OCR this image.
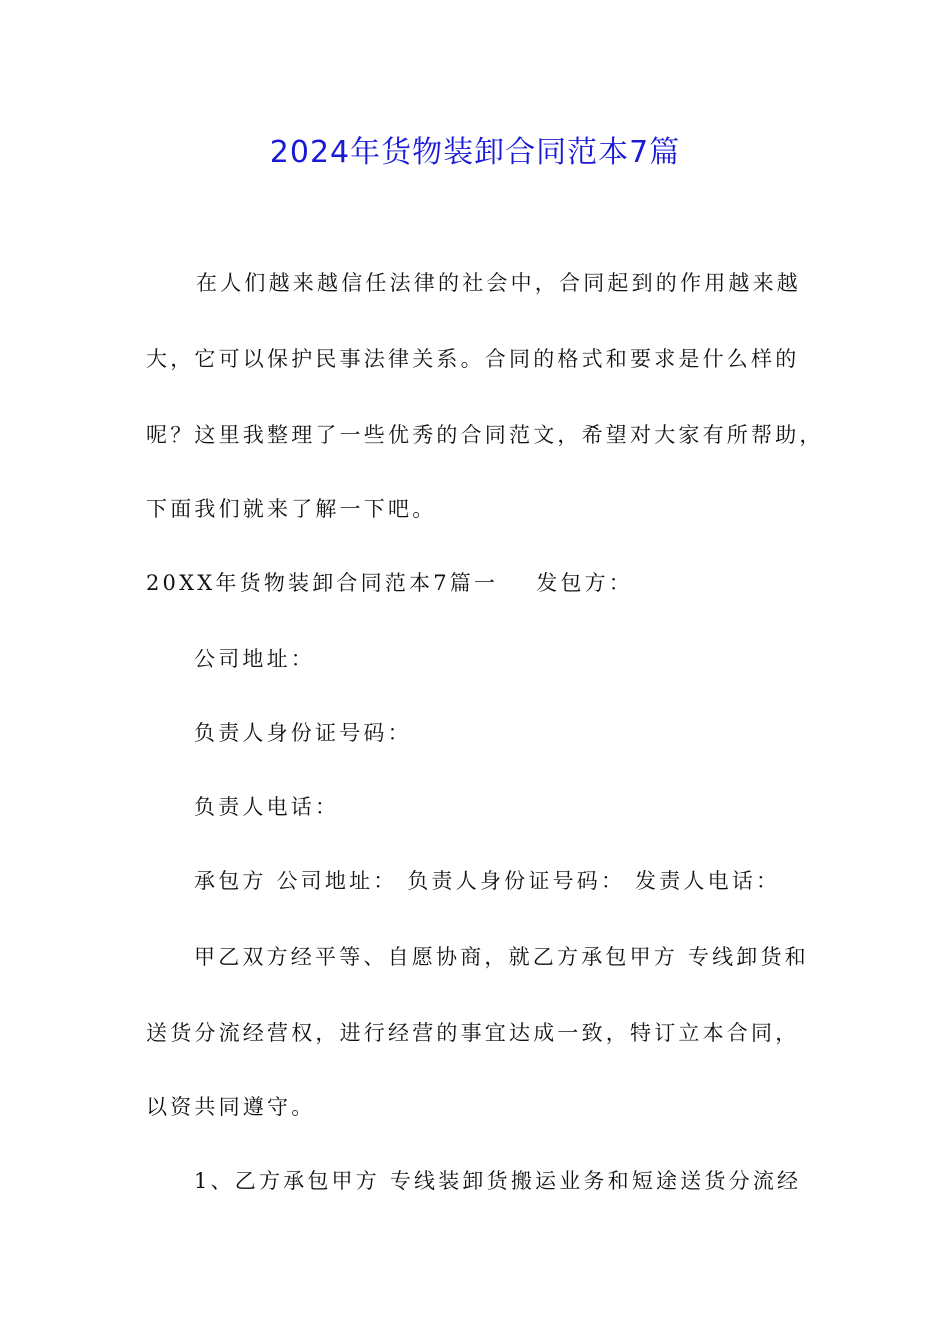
2024年货物装卸合同范本7篇
在人们越来越信任法律的社会中，合同起到的作用越来越
大，它可以保护民事法律关系。合同的格式和要求是什么样的
呢？这里我整理了一些优秀的合同范文，希望对大家有所帮助，
下面我们就来了解一下吧。
20XX年货物装卸合同范本7篇一 发包方：
公司地址：
负责人身份证号码：
负责人电话：
承包方 公司地址： 负责人身份证号码： 发责人电话：
甲乙双方经平等、自愿协商，就乙方承包甲方 专线卸货和
送货分流经营权，进行经营的事宜达成一致，特订立本合同，
以资共同遵守。
1、乙方承包甲方 专线装卸货搬运业务和短途送货分流经
